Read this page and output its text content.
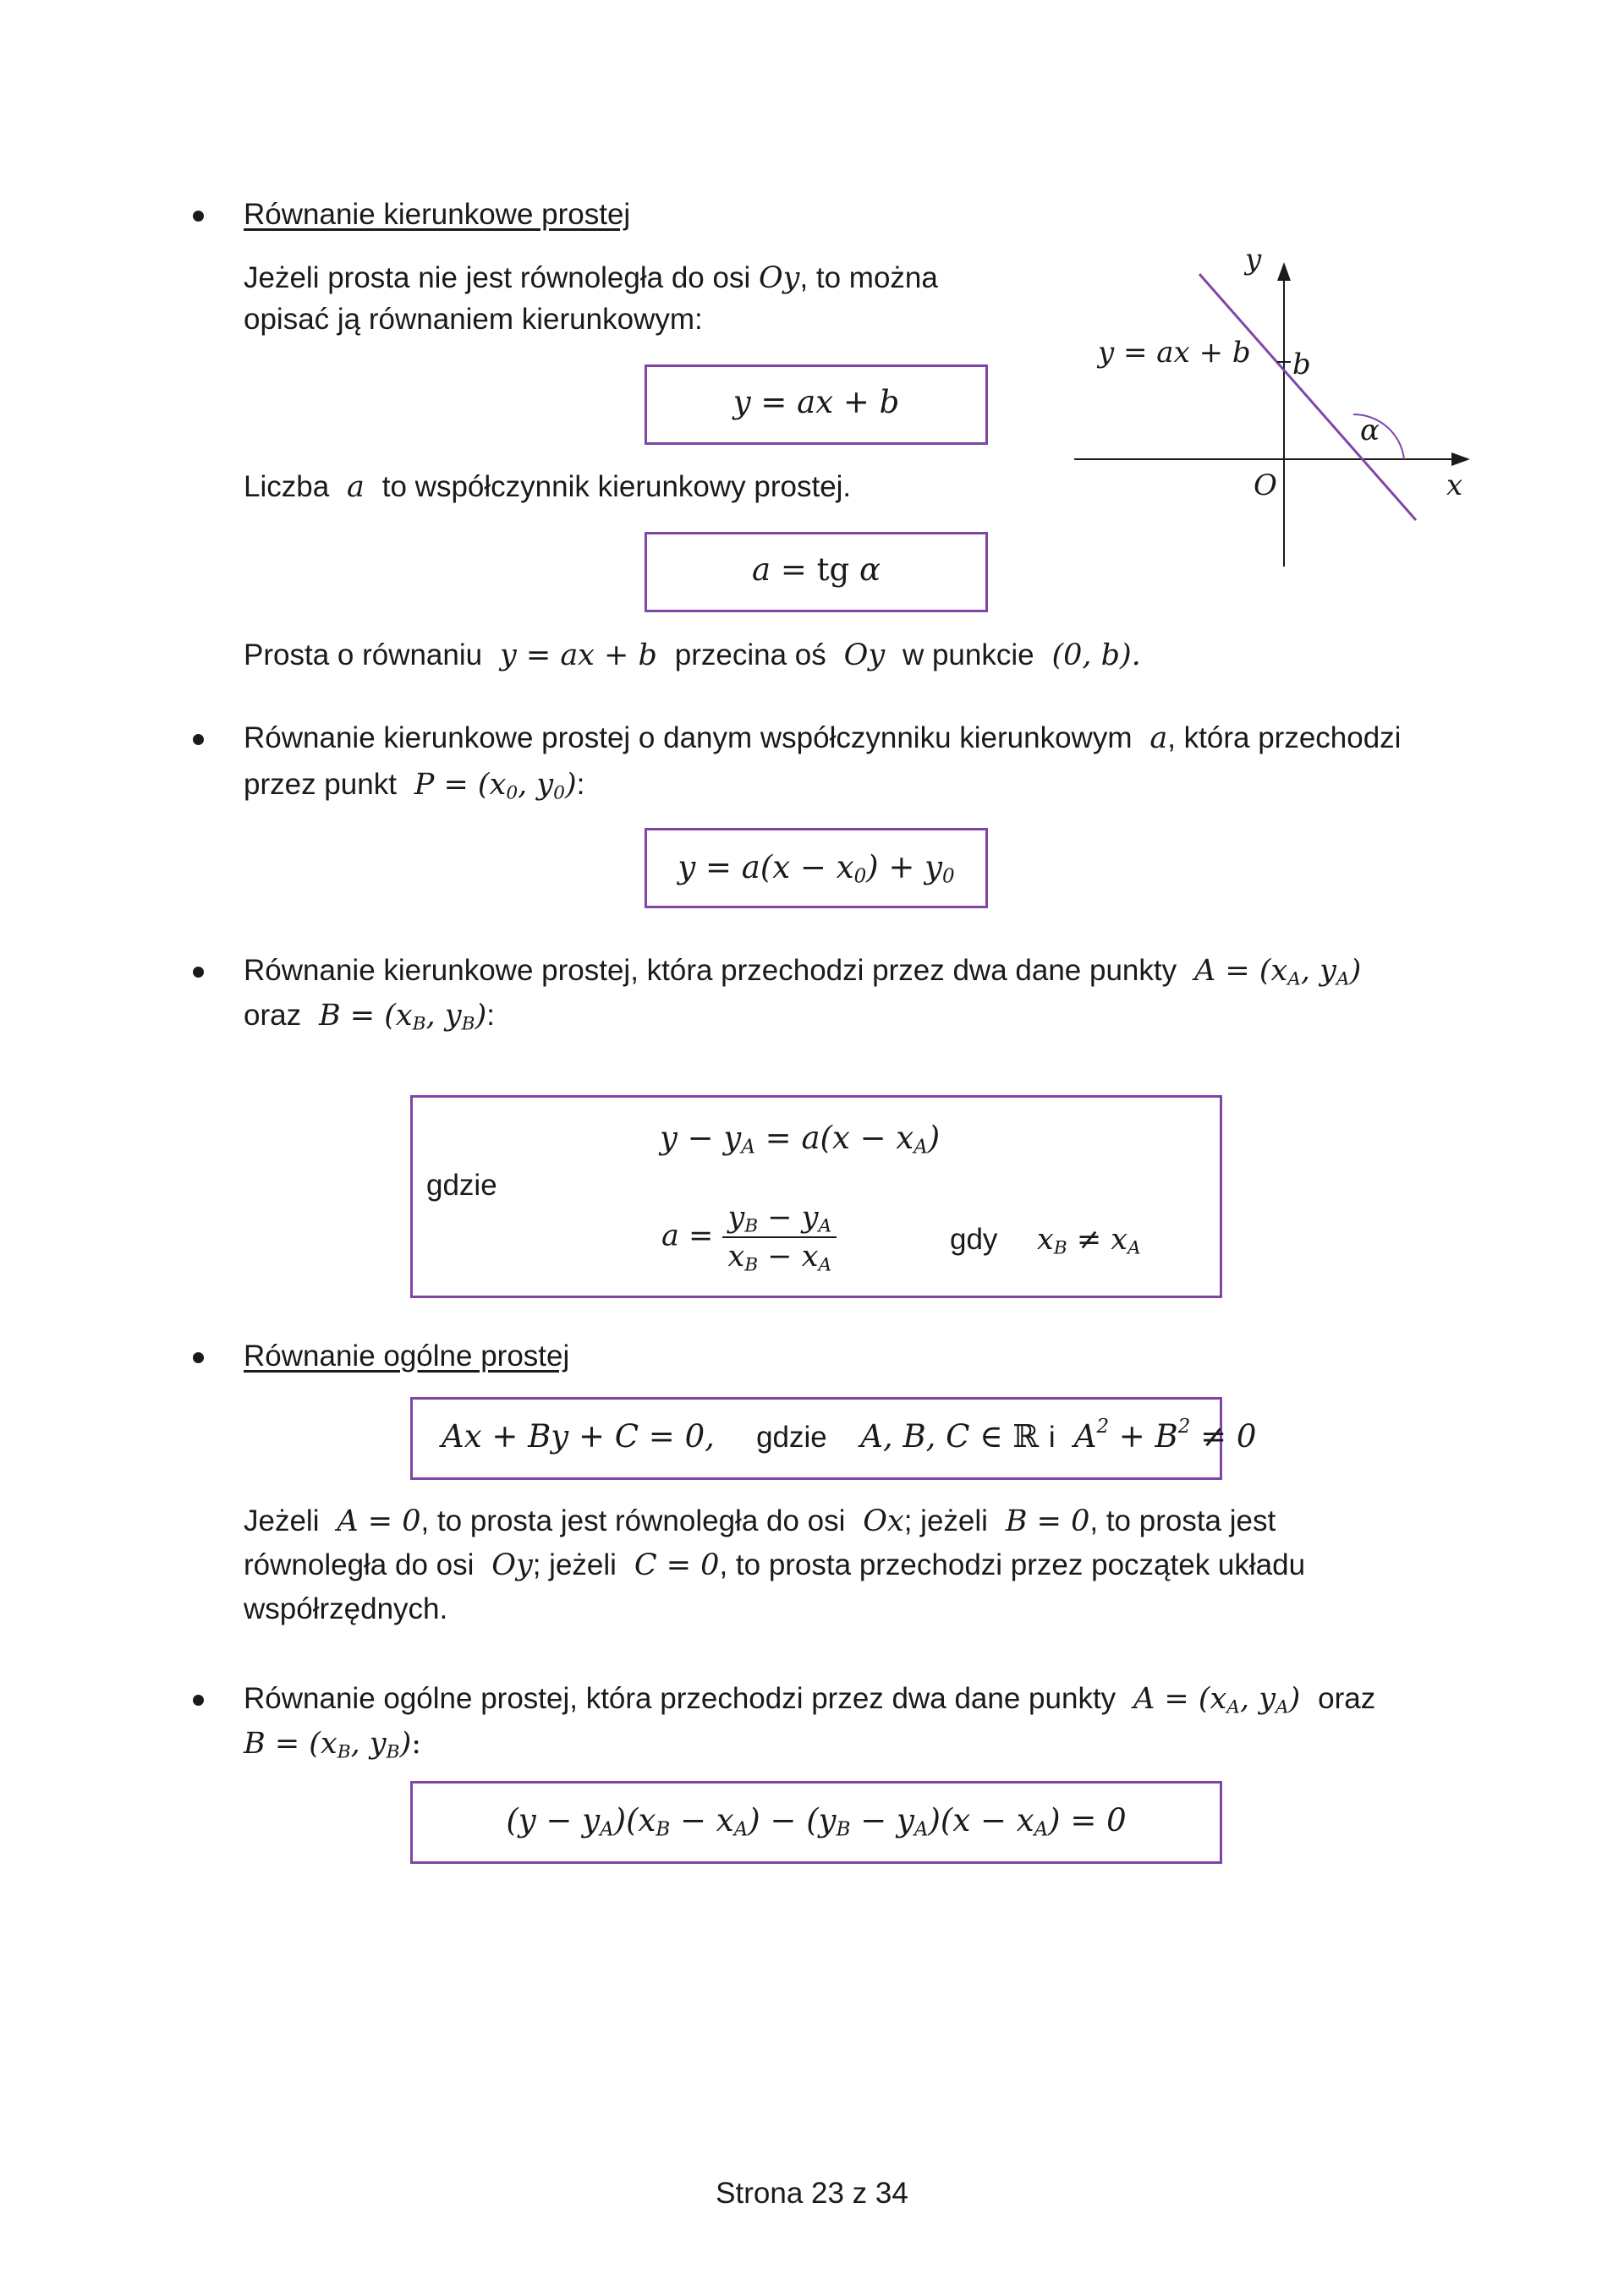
Równanie kierunkowe prostej
Jeżeli prosta nie jest równoległa do osi Oy, to można
opisać ją równaniem kierunkowym:
y = ax + b
Liczba  a  to współczynnik kierunkowy prostej.
a = tg α
Prosta o równaniu  y = ax + b  przecina oś  Oy  w punkcie  (0, b).
y = ax + b b
α
O	x
y
Równanie kierunkowe prostej o danym współczynniku kierunkowym  a, która przechodzi
przez punkt  $P = (x_0$, $y_0$):
$y = a(x - x_0) + y_0$
Równanie kierunkowe prostej, która przechodzi przez dwa dane punkty  $A = (x_A$, $y_A$)
oraz  $B = (x_B$, $y_B$):
$y - y_A = a(x - x_A)$
gdzie
$a = \frac{y_B - y_A}{x_B - x_A}$	gdy $x_B \ne x_A$
Równanie ogólne prostej
Ax + By + C = 0, gdzie A, B, C ∈ ℝ i  $A^2 + B^2 \ne 0$
Jeżeli  A = 0, to prosta jest równoległa do osi  Ox; jeżeli  B = 0, to prosta jest
równoległa do osi  Oy; jeżeli  C = 0, to prosta przechodzi przez początek układu
współrzędnych.
Równanie ogólne prostej, która przechodzi przez dwa dane punkty  $A = (x_A$, $y_A$)  oraz
$B = (x_B$, $y_B$):
$(y - y_A)(x_B - x_A) - (y_B - y_A)(x - x_A) = 0$
Strona 23 z 34
